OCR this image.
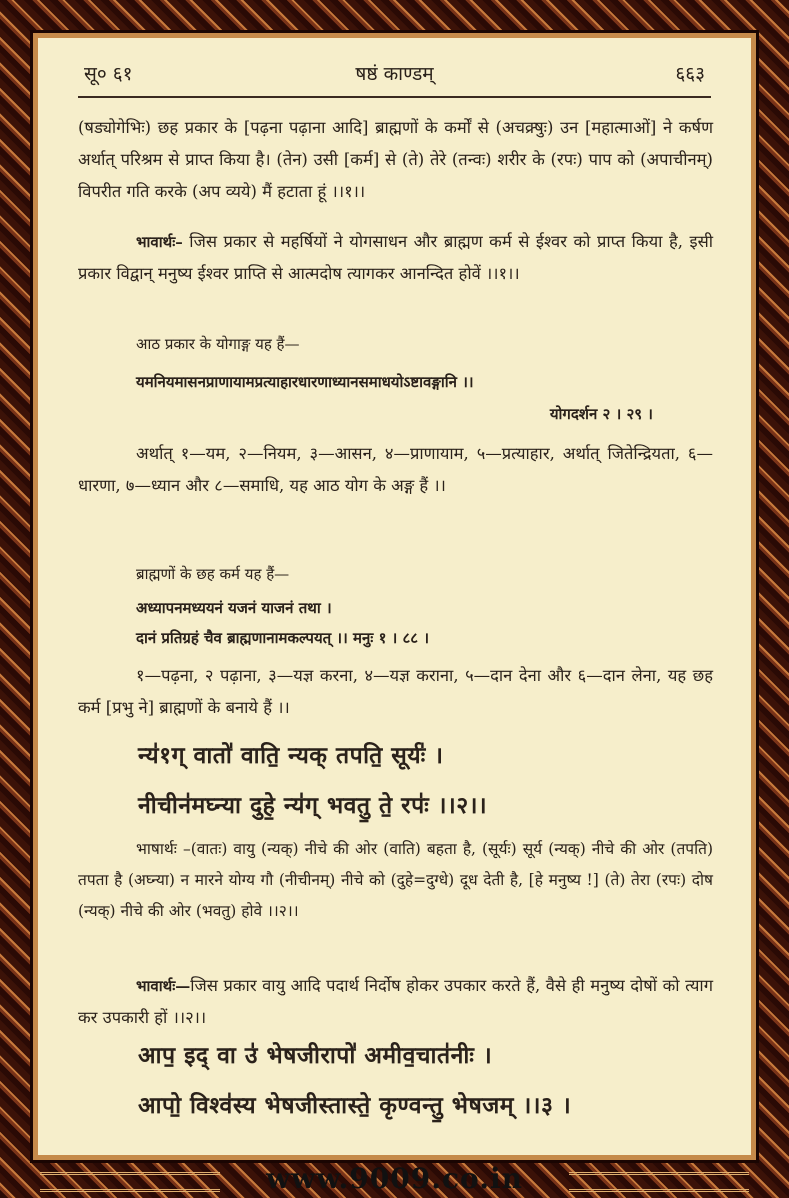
सू० ६१	षष्ठं काण्डम्	६६३
(षड्योगेभिः) छह प्रकार के [पढ़ना पढ़ाना आदि] ब्राह्मणों के कर्मों से (अचक्र्षुः) उन [महात्माओं] ने कर्षण अर्थात् परिश्रम से प्राप्त किया है। (तेन) उसी [कर्म] से (ते) तेरे (तन्वः) शरीर के (रपः) पाप को (अपाचीनम्) विपरीत गति करके (अप व्यये) मैं हटाता हूं ।।१।।
भावार्थः– जिस प्रकार से महर्षियों ने योगसाधन और ब्राह्मण कर्म से ईश्वर को प्राप्त किया है, इसी प्रकार विद्वान् मनुष्य ईश्वर प्राप्ति से आत्मदोष त्यागकर आनन्दित होवें ।।१।।
आठ प्रकार के योगाङ्ग यह हैं—
यमनियमासनप्राणायामप्रत्याहारधारणाध्यानसमाधयोऽष्टावङ्गानि ।।
योगदर्शन २ । २९ ।
अर्थात् १—यम, २—नियम, ३—आसन, ४—प्राणायाम, ५—प्रत्याहार, अर्थात् जितेन्द्रियता, ६—धारणा, ७—ध्यान और ८—समाधि, यह आठ योग के अङ्ग हैं ।।
ब्राह्मणों के छह कर्म यह हैं—
अध्यापनमध्ययनं यजनं याजनं तथा ।
दानं प्रतिग्रहं चैव ब्राह्मणानामकल्पयत् ।। मनुः १ । ८८ ।
१—पढ़ना, २ पढ़ाना, ३—यज्ञ करना, ४—यज्ञ कराना, ५—दान देना और ६—दान लेना, यह छह कर्म [प्रभु ने] ब्राह्मणों के बनाये हैं ।।
न्य॑१ग् वातो॑ वाति॒ न्यक् तपति॒ सूर्यः॑ ।
नीचीन॑मघ्न्या दुहे॒ न्य॑ग् भवतु॒ ते॒ रपः॑ ।।२।।
भाषार्थः –(वातः) वायु (न्यक्) नीचे की ओर (वाति) बहता है, (सूर्यः) सूर्य (न्यक्) नीचे की ओर (तपति) तपता है (अघ्न्या) न मारने योग्य गौ (नीचीनम्) नीचे को (दुहे=दुग्धे) दूध देती है, [हे मनुष्य !] (ते) तेरा (रपः) दोष (न्यक्) नीचे की ओर (भवतु) होवे ।।२।।
भावार्थः—जिस प्रकार वायु आदि पदार्थ निर्दोष होकर उपकार करते हैं, वैसे ही मनुष्य दोषों को त्याग कर उपकारी हों ।।२।।
आप॒ इद् वा उ॑ भेषजीरापो॑ अमीव॒चात॑नीः ।
आपो॒ विश्व॑स्य भेषजीस्तास्ते॒ कृण्वन्तु॒ भेषजम् ।।३ ।
www.9009.co.in
